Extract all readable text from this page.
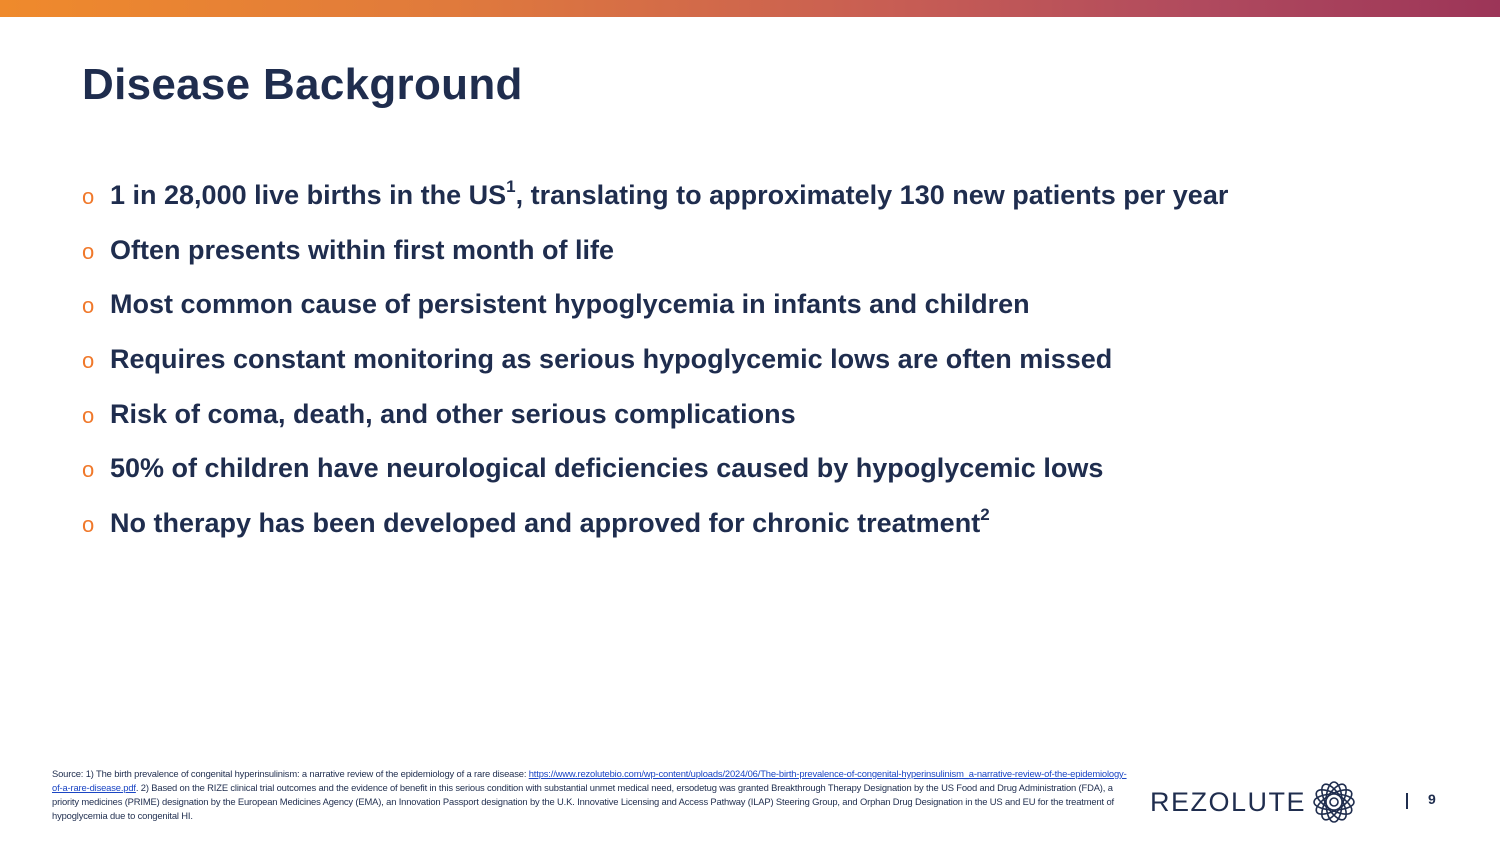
Disease Background
o 1 in 28,000 live births in the $US^1$, translating to approximately 130 new patients per year
o Often presents within first month of life
o Most common cause of persistent hypoglycemia in infants and children
o Requires constant monitoring as serious hypoglycemic lows are often missed
o Risk of coma, death, and other serious complications
o 50% of children have neurological deficiencies caused by hypoglycemic lows
o No therapy has been developed and approved for chronic treatment$^2$
Source: 1) The birth prevalence of congenital hyperinsulinism: a narrative review of the epidemiology of a rare disease: https://www.rezolutebio.com/wp-content/uploads/2024/06/The-birth-prevalence-of-congenital-hyperinsulinism_a-narrative-review-of-the-epidemiology-of-a-rare-disease.pdf. 2) Based on the RIZE clinical trial outcomes and the evidence of benefit in this serious condition with substantial unmet medical need, ersodetug was granted Breakthrough Therapy Designation by the US Food and Drug Administration (FDA), a priority medicines (PRIME) designation by the European Medicines Agency (EMA), an Innovation Passport designation by the U.K. Innovative Licensing and Access Pathway (ILAP) Steering Group, and Orphan Drug Designation in the US and EU for the treatment of hypoglycemia due to congenital HI.	REZOLUTE	9
